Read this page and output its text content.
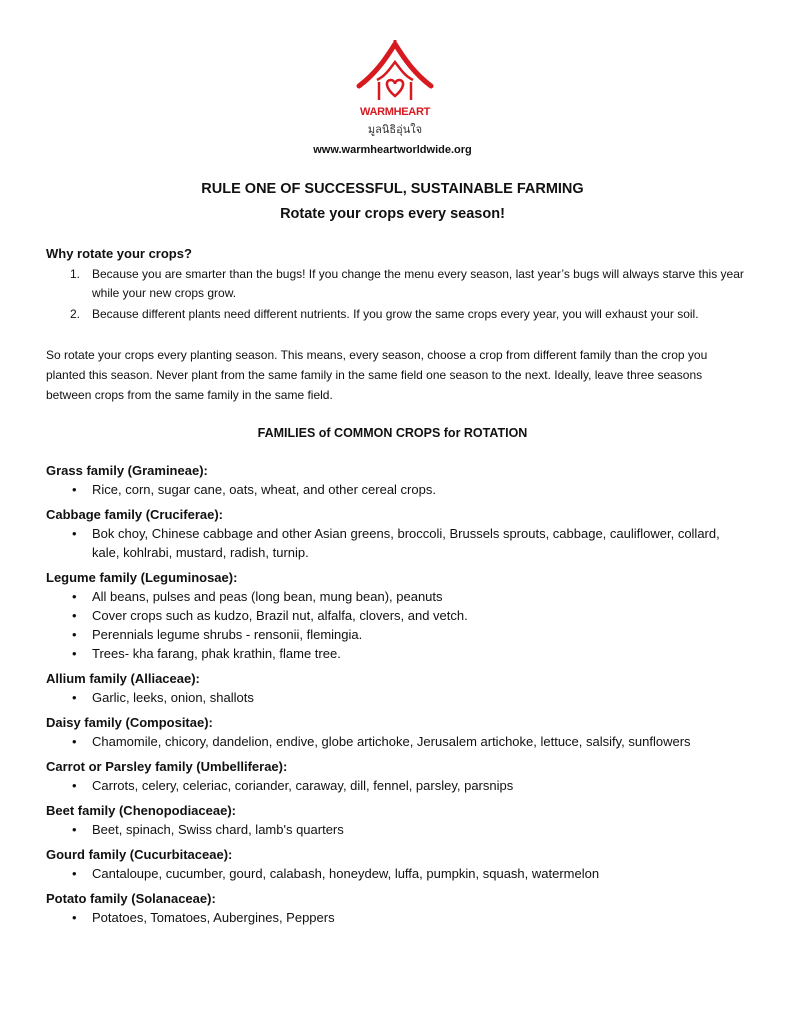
WARMHEART
มูลนิธิอุ่นใจ
www.warmheartworldwide.org
RULE ONE OF SUCCESSFUL, SUSTAINABLE FARMING
Rotate your crops every season!
Why rotate your crops?
1. Because you are smarter than the bugs! If you change the menu every season, last year’s bugs will always starve this year while your new crops grow.
2. Because different plants need different nutrients. If you grow the same crops every year, you will exhaust your soil.
So rotate your crops every planting season. This means, every season, choose a crop from different family than the crop you planted this season. Never plant from the same family in the same field one season to the next. Ideally, leave three seasons between crops from the same family in the same field.
FAMILIES of COMMON CROPS for ROTATION
Grass family (Gramineae):
• Rice, corn, sugar cane, oats, wheat, and other cereal crops.
Cabbage family (Cruciferae):
• Bok choy, Chinese cabbage and other Asian greens, broccoli, Brussels sprouts, cabbage, cauliflower, collard, kale, kohlrabi, mustard, radish, turnip.
Legume family (Leguminosae):
• All beans, pulses and peas (long bean, mung bean), peanuts
• Cover crops such as kudzo, Brazil nut, alfalfa, clovers, and vetch.
• Perennials legume shrubs - rensonii, flemingia.
• Trees- kha farang, phak krathin, flame tree.
Allium family (Alliaceae):
• Garlic, leeks, onion, shallots
Daisy family (Compositae):
• Chamomile, chicory, dandelion, endive, globe artichoke, Jerusalem artichoke, lettuce, salsify, sunflowers
Carrot or Parsley family (Umbelliferae):
• Carrots, celery, celeriac, coriander, caraway, dill, fennel, parsley, parsnips
Beet family (Chenopodiaceae):
• Beet, spinach, Swiss chard, lamb's quarters
Gourd family (Cucurbitaceae):
• Cantaloupe, cucumber, gourd, calabash, honeydew, luffa, pumpkin, squash, watermelon
Potato family (Solanaceae):
• Potatoes, Tomatoes, Aubergines, Peppers
